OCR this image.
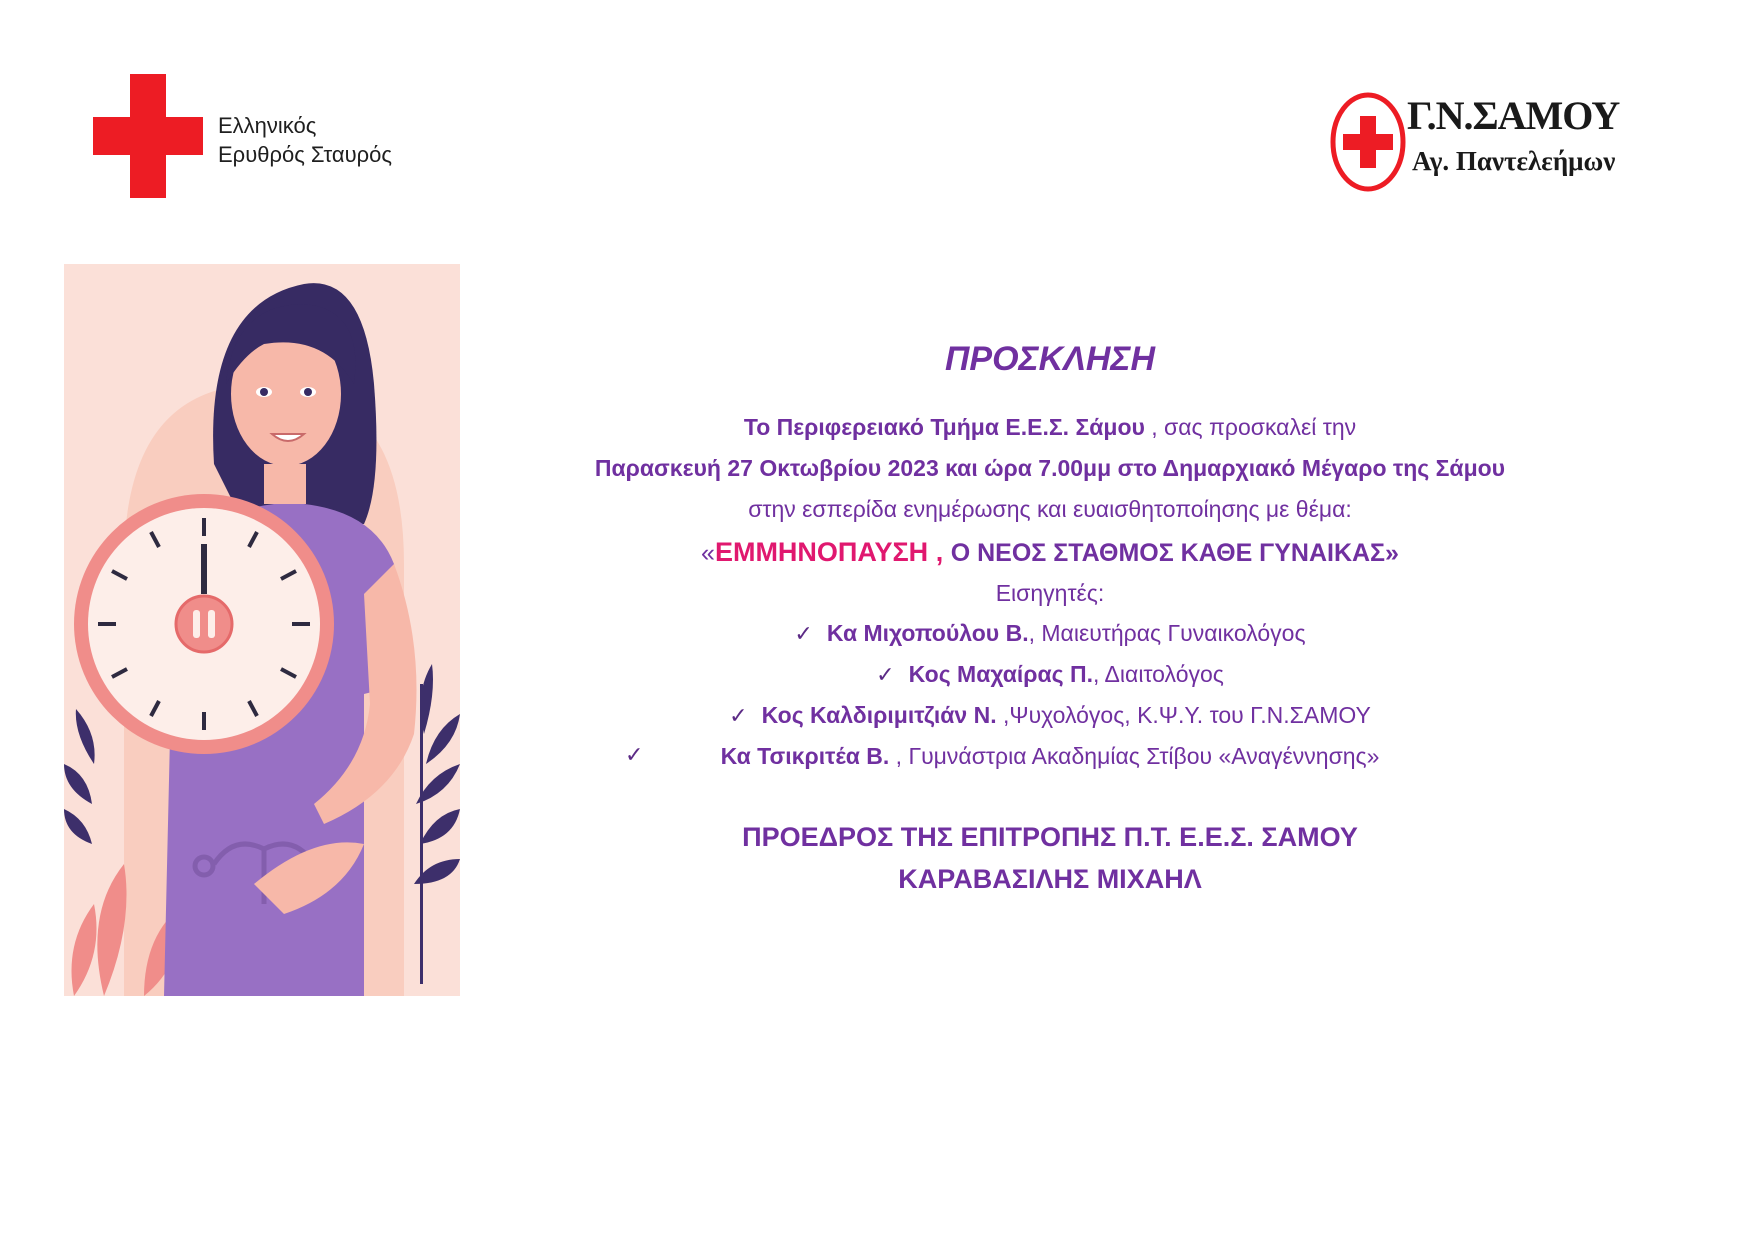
Ελληνικός
Ερυθρός Σταυρός
Γ.Ν.ΣΑΜΟΥ
Αγ. Παντελεήμων
ΠΡΟΣΚΛΗΣΗ
Το Περιφερειακό Τμήμα Ε.Ε.Σ. Σάμου , σας προσκαλεί την
Παρασκευή 27 Οκτωβρίου 2023 και ώρα 7.00μμ στο Δημαρχιακό Μέγαρο της Σάμου
στην εσπερίδα ενημέρωσης και ευαισθητοποίησης με θέμα:
«ΕΜΜΗΝΟΠΑΥΣΗ , Ο ΝΕΟΣ ΣΤΑΘΜΟΣ ΚΑΘΕ ΓΥΝΑΙΚΑΣ»
Εισηγητές:
✓ Κα Μιχοπούλου Β., Μαιευτήρας Γυναικολόγος
✓ Κος Μαχαίρας Π., Διαιτολόγος
✓ Κος Καλδιριμιτζιάν Ν. ,Ψυχολόγος, Κ.Ψ.Υ. του Γ.Ν.ΣΑΜΟΥ
✓	Κα Τσικριτέα Β. , Γυμνάστρια Ακαδημίας Στίβου «Αναγέννησης»
ΠΡΟΕΔΡΟΣ ΤΗΣ ΕΠΙΤΡΟΠΗΣ Π.Τ. Ε.Ε.Σ. ΣΑΜΟΥ
ΚΑΡΑΒΑΣΙΛΗΣ ΜΙΧΑΗΛ
